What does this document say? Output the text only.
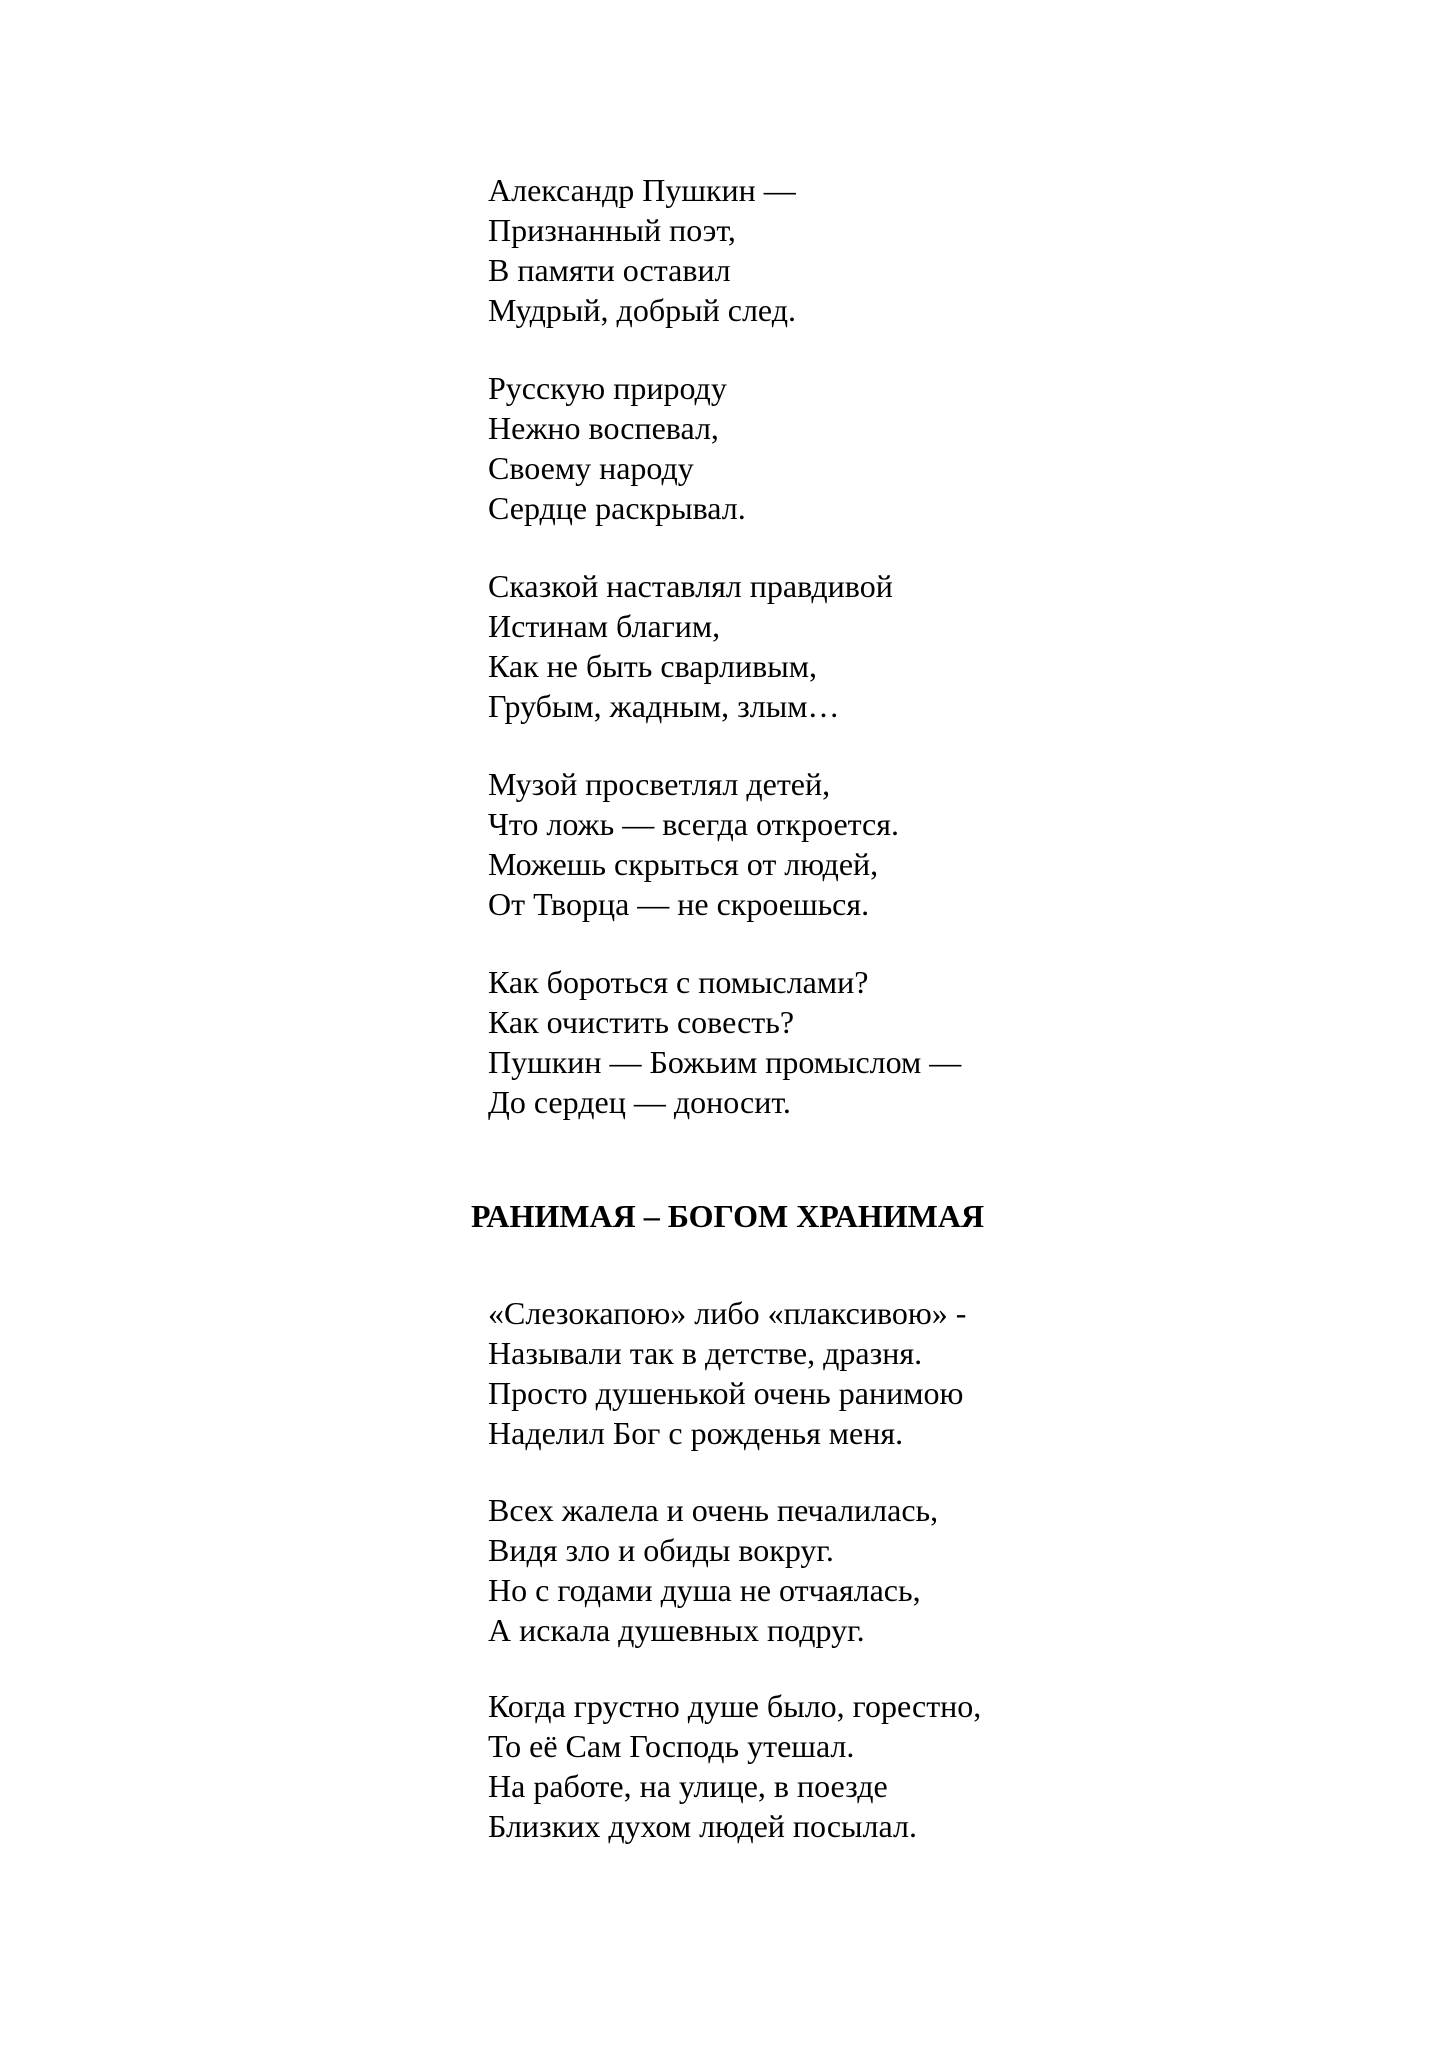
Александр Пушкин —
Признанный поэт,
В памяти оставил
Мудрый, добрый след.
Русскую природу
Нежно воспевал,
Своему народу
Сердце раскрывал.
Сказкой наставлял правдивой
Истинам благим,
Как не быть сварливым,
Грубым, жадным, злым…
Музой просветлял детей,
Что ложь — всегда откроется.
Можешь скрыться от людей,
От Творца — не скроешься.
Как бороться с помыслами?
Как очистить совесть?
Пушкин — Божьим промыслом —
До сердец — доносит.
РАНИМАЯ – БОГОМ ХРАНИМАЯ
«Слезокапою» либо «плаксивою» -
Называли так в детстве, дразня.
Просто душенькой очень ранимою
Наделил Бог с рожденья меня.
Всех жалела и очень печалилась,
Видя зло и обиды вокруг.
Но с годами душа не отчаялась,
А искала душевных подруг.
Когда грустно душе было, горестно,
То её Сам Господь утешал.
На работе, на улице, в поезде
Близких духом людей посылал.
